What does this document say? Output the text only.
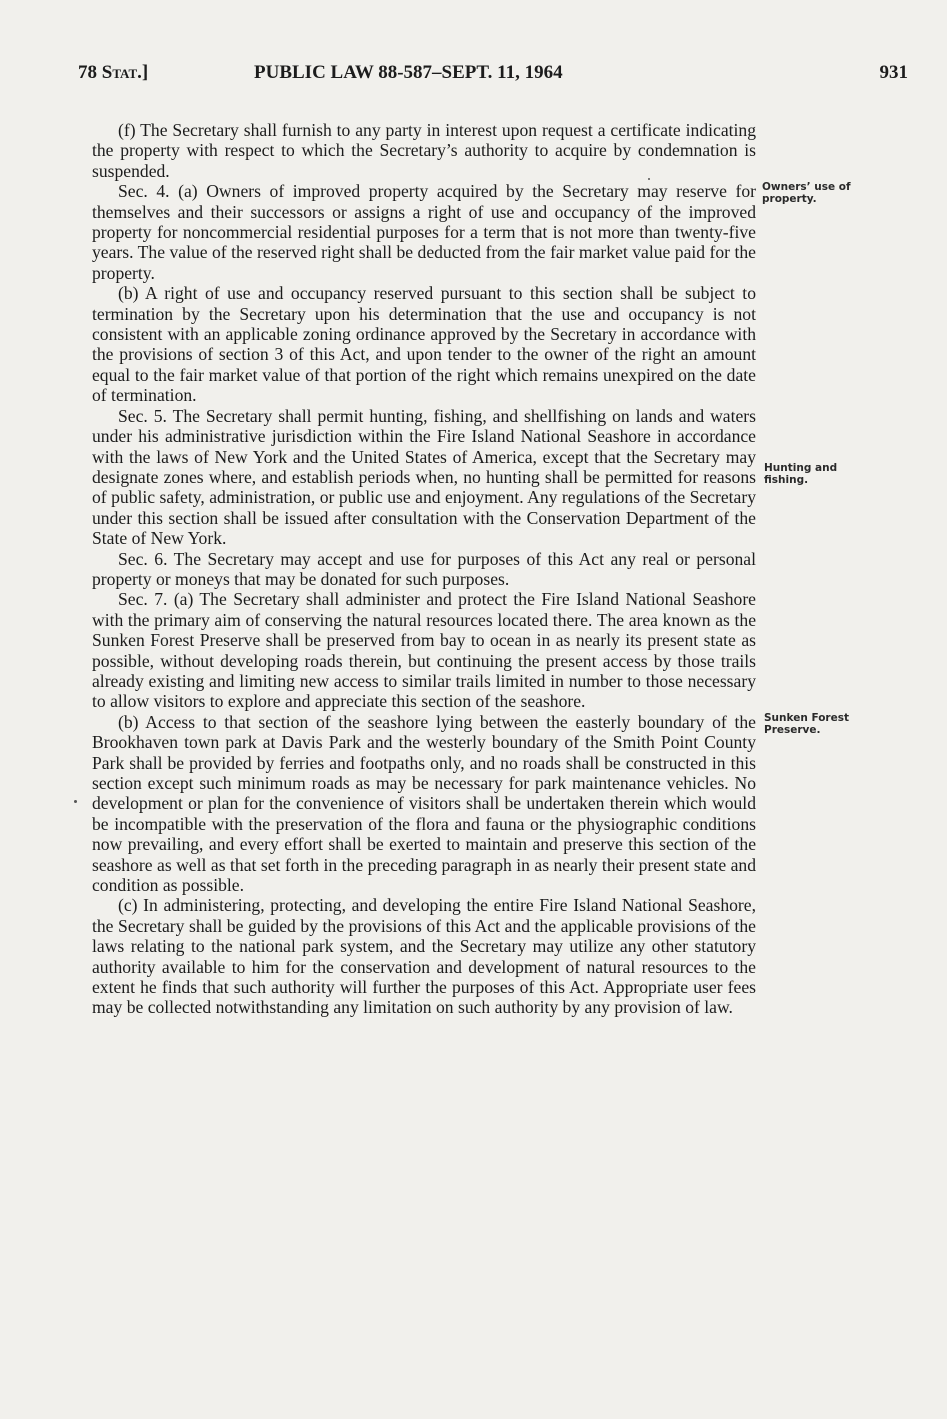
78 Stat.]	PUBLIC LAW 88-587–SEPT. 11, 1964	931

(f) The Secretary shall furnish to any party in interest upon request a certificate indicating the property with respect to which the Secretary’s authority to acquire by condemnation is suspended.

Sec. 4. (a) Owners of improved property acquired by the Secretary may reserve for themselves and their successors or assigns a right of use and occupancy of the improved property for noncommercial residential purposes for a term that is not more than twenty-five years. The value of the reserved right shall be deducted from the fair market value paid for the property.

(b) A right of use and occupancy reserved pursuant to this section shall be subject to termination by the Secretary upon his determination that the use and occupancy is not consistent with an applicable zoning ordinance approved by the Secretary in accordance with the provisions of section 3 of this Act, and upon tender to the owner of the right an amount equal to the fair market value of that portion of the right which remains unexpired on the date of termination.

Sec. 5. The Secretary shall permit hunting, fishing, and shellfishing on lands and waters under his administrative jurisdiction within the Fire Island National Seashore in accordance with the laws of New York and the United States of America, except that the Secretary may designate zones where, and establish periods when, no hunting shall be permitted for reasons of public safety, administration, or public use and enjoyment. Any regulations of the Secretary under this section shall be issued after consultation with the Conservation Department of the State of New York.

Sec. 6. The Secretary may accept and use for purposes of this Act any real or personal property or moneys that may be donated for such purposes.

Sec. 7. (a) The Secretary shall administer and protect the Fire Island National Seashore with the primary aim of conserving the natural resources located there. The area known as the Sunken Forest Preserve shall be preserved from bay to ocean in as nearly its present state as possible, without developing roads therein, but continuing the present access by those trails already existing and limiting new access to similar trails limited in number to those necessary to allow visitors to explore and appreciate this section of the seashore.

(b) Access to that section of the seashore lying between the easterly boundary of the Brookhaven town park at Davis Park and the westerly boundary of the Smith Point County Park shall be provided by ferries and footpaths only, and no roads shall be constructed in this section except such minimum roads as may be necessary for park maintenance vehicles. No development or plan for the convenience of visitors shall be undertaken therein which would be incompatible with the preservation of the flora and fauna or the physiographic conditions now prevailing, and every effort shall be exerted to maintain and preserve this section of the seashore as well as that set forth in the preceding paragraph in as nearly their present state and condition as possible.

(c) In administering, protecting, and developing the entire Fire Island National Seashore, the Secretary shall be guided by the provisions of this Act and the applicable provisions of the laws relating to the national park system, and the Secretary may utilize any other statutory authority available to him for the conservation and development of natural resources to the extent he finds that such authority will further the purposes of this Act. Appropriate user fees may be collected notwithstanding any limitation on such authority by any provision of law.

Owners’ use of property.
Hunting and fishing.
Sunken Forest Preserve.
